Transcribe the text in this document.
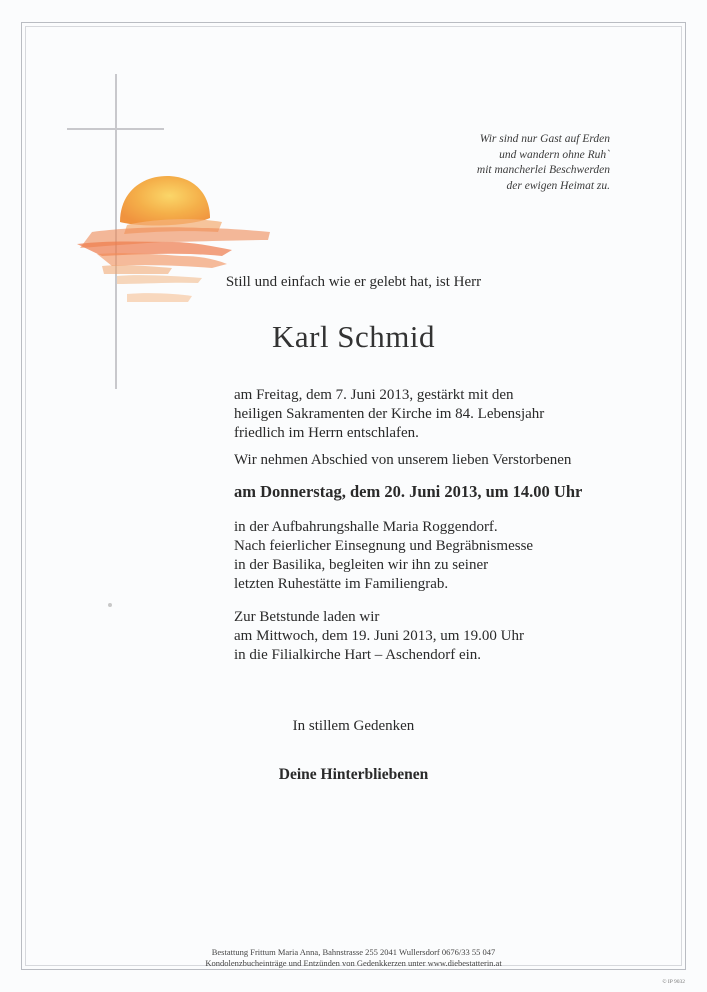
Wir sind nur Gast auf Erden
und wandern ohne Ruh`
mit mancherlei Beschwerden
der ewigen Heimat zu.
Still und einfach wie er gelebt hat, ist Herr
Karl Schmid
am Freitag, dem 7. Juni 2013, gestärkt mit den
heiligen Sakramenten der Kirche im 84. Lebensjahr
friedlich im Herrn entschlafen.
Wir nehmen Abschied von unserem lieben Verstorbenen
am Donnerstag, dem 20. Juni 2013, um 14.00 Uhr
in der Aufbahrungshalle Maria Roggendorf.
Nach feierlicher Einsegnung und Begräbnismesse
in der Basilika, begleiten wir ihn zu seiner
letzten Ruhestätte im Familiengrab.
Zur Betstunde laden wir
am Mittwoch, dem 19. Juni 2013, um 19.00 Uhr
in die Filialkirche Hart – Aschendorf ein.
In stillem Gedenken
Deine Hinterbliebenen
Bestattung Frittum Maria Anna, Bahnstrasse 255 2041 Wullersdorf 0676/33 55 047
Kondolenzbucheinträge und Entzünden von Gedenkkerzen unter www.diebestatterin.at
© IP 9032
